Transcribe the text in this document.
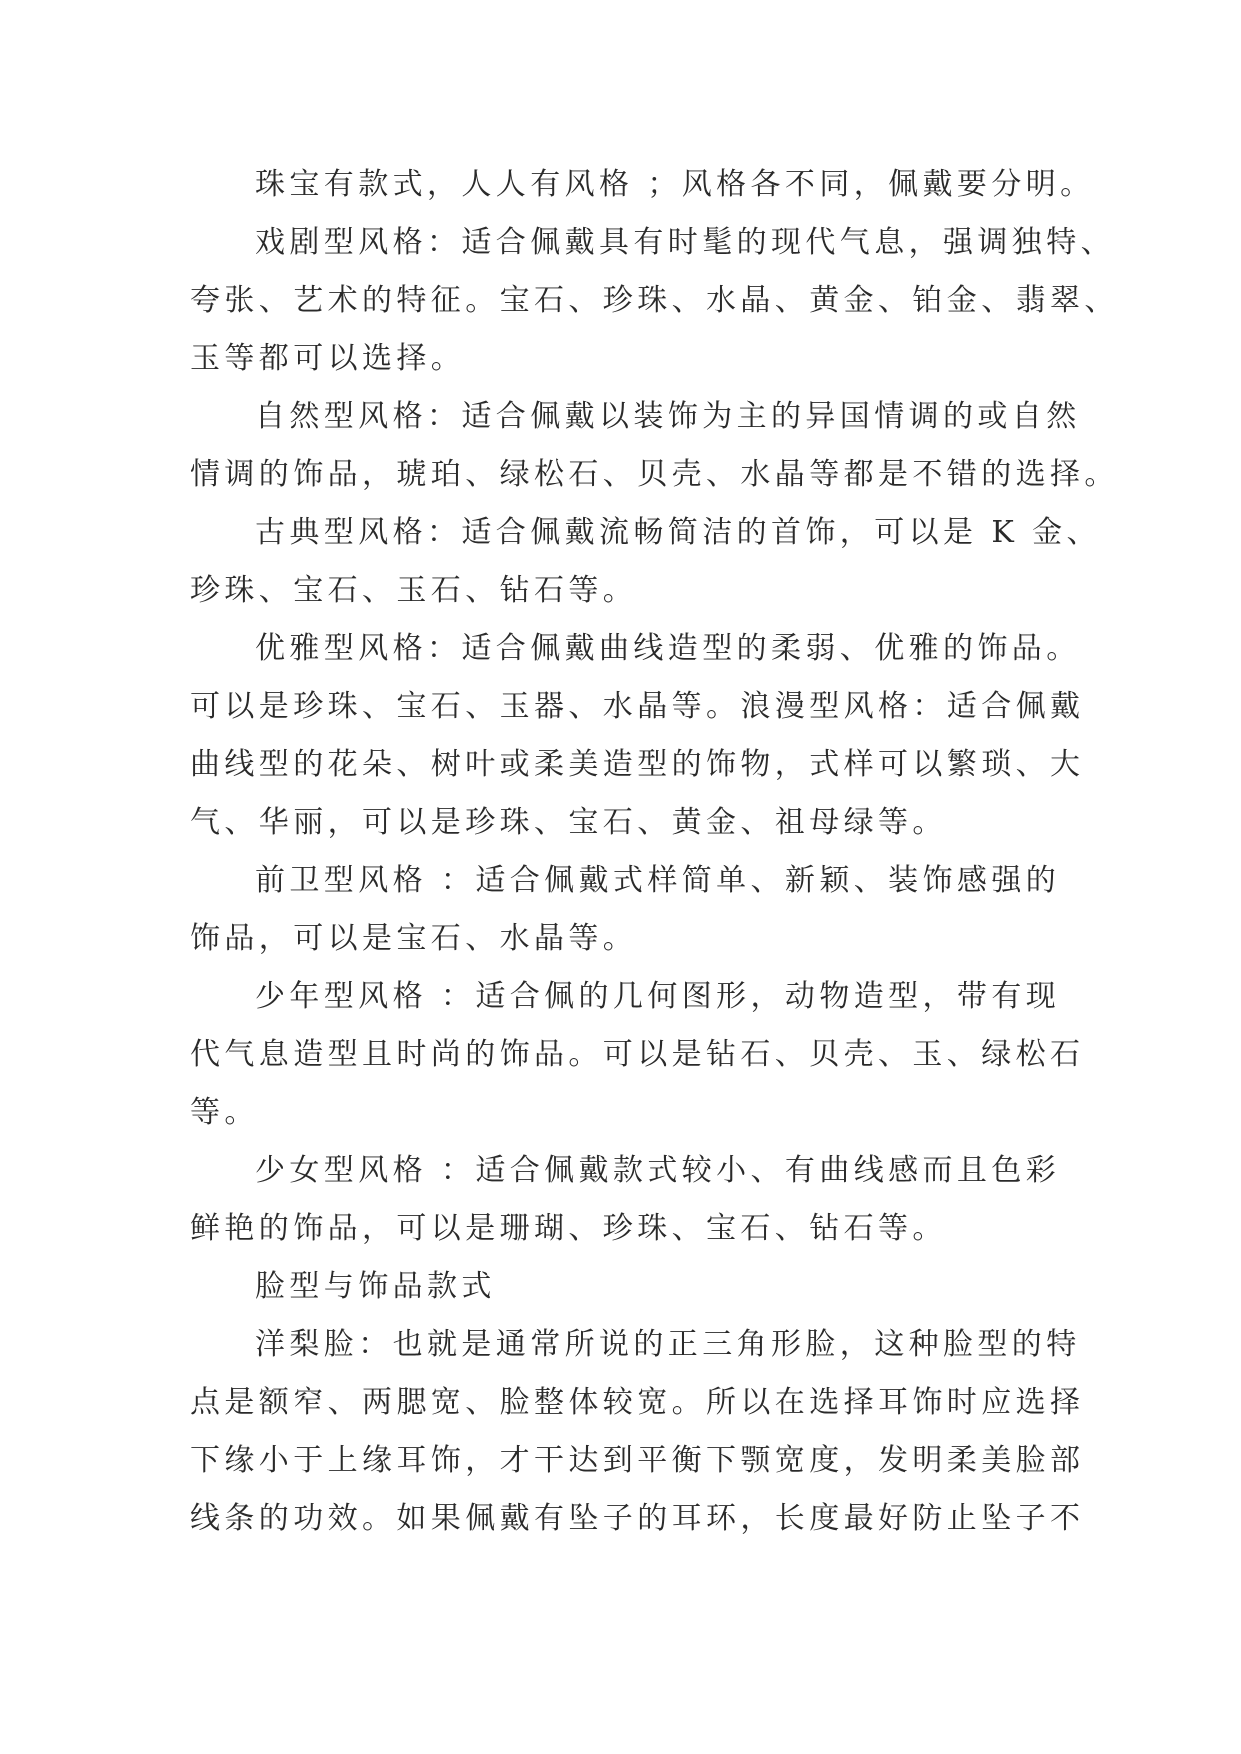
珠宝有款式，人人有风格 ；风格各不同，佩戴要分明。
戏剧型风格：适合佩戴具有时髦的现代气息，强调独特、
夸张、艺术的特征。宝石、珍珠、水晶、黄金、铂金、翡翠、
玉等都可以选择。
自然型风格：适合佩戴以装饰为主的异国情调的或自然
情调的饰品，琥珀、绿松石、贝壳、水晶等都是不错的选择。
古典型风格：适合佩戴流畅简洁的首饰，可以是 K 金、
珍珠、宝石、玉石、钻石等。
优雅型风格：适合佩戴曲线造型的柔弱、优雅的饰品。
可以是珍珠、宝石、玉器、水晶等。浪漫型风格：适合佩戴
曲线型的花朵、树叶或柔美造型的饰物，式样可以繁琐、大
气、华丽，可以是珍珠、宝石、黄金、祖母绿等。
前卫型风格 ：适合佩戴式样简单、新颖、装饰感强的
饰品，可以是宝石、水晶等。
少年型风格 ：适合佩的几何图形，动物造型，带有现
代气息造型且时尚的饰品。可以是钻石、贝壳、玉、绿松石
等。
少女型风格 ：适合佩戴款式较小、有曲线感而且色彩
鲜艳的饰品，可以是珊瑚、珍珠、宝石、钻石等。
脸型与饰品款式
洋梨脸：也就是通常所说的正三角形脸，这种脸型的特
点是额窄、两腮宽、脸整体较宽。所以在选择耳饰时应选择
下缘小于上缘耳饰，才干达到平衡下颚宽度，发明柔美脸部
线条的功效。如果佩戴有坠子的耳环，长度最好防止坠子不
